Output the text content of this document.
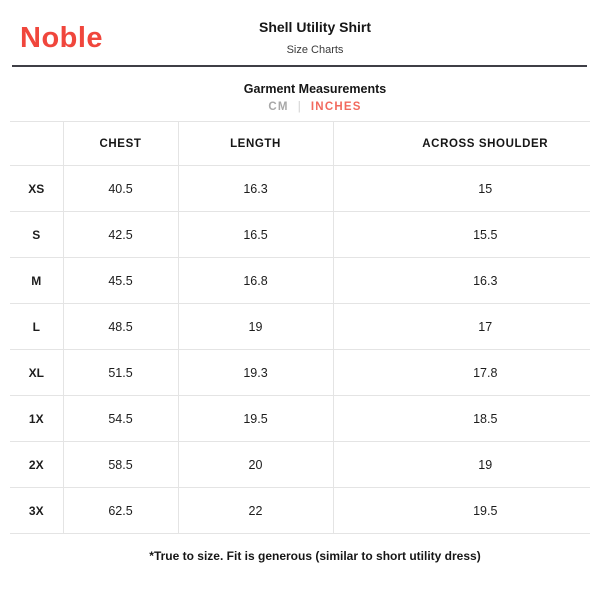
Noble	Shell Utility Shirt
Size Charts
Garment Measurements
CM | INCHES
	CHEST	LENGTH	ACROSS SHOULDER
XS	40.5	16.3	15
S	42.5	16.5	15.5
M	45.5	16.8	16.3
L	48.5	19	17
XL	51.5	19.3	17.8
1X	54.5	19.5	18.5
2X	58.5	20	19
3X	62.5	22	19.5
*True to size. Fit is generous (similar to short utility dress)
